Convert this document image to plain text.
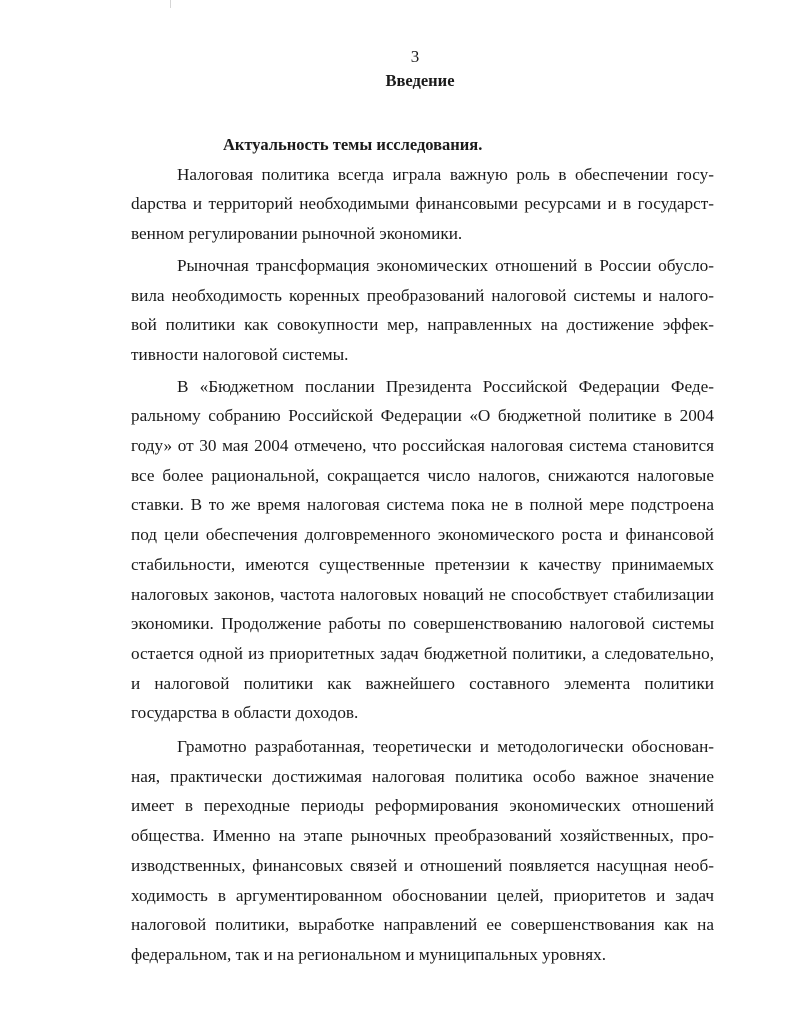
3
Введение

Актуальность темы исследования.

Налоговая политика всегда играла важную роль в обеспечении госуdарства и территорий необходимыми финансовыми ресурсами и в государственном регулировании рыночной экономики.

Рыночная трансформация экономических отношений в России обусловила необходимость коренных преобразований налоговой системы и налоговой политики как совокупности мер, направленных на достижение эффективности налоговой системы.

В «Бюджетном послании Президента Российской Федерации Федеральному собранию Российской Федерации «О бюджетной политике в 2004 году» от 30 мая 2004 отмечено, что российская налоговая система становится все более рациональной, сокращается число налогов, снижаются налоговые ставки. В то же время налоговая система пока не в полной мере подстроена под цели обеспечения долговременного экономического роста и финансовой стабильности, имеются существенные претензии к качеству принимаемых налоговых законов, частота налоговых новаций не способствует стабилизации экономики. Продолжение работы по совершенствованию налоговой системы остается одной из приоритетных задач бюджетной политики, а следовательно, и налоговой политики как важнейшего составного элемента политики государства в области доходов.

Грамотно разработанная, теоретически и методологически обоснованная, практически достижимая налоговая политика особо важное значение имеет в переходные периоды реформирования экономических отношений общества. Именно на этапе рыночных преобразований хозяйственных, производственных, финансовых связей и отношений появляется насущная необходимость в аргументированном обосновании целей, приоритетов и задач налоговой политики, выработке направлений ее совершенствования как на федеральном, так и на региональном и муниципальных уровнях.
